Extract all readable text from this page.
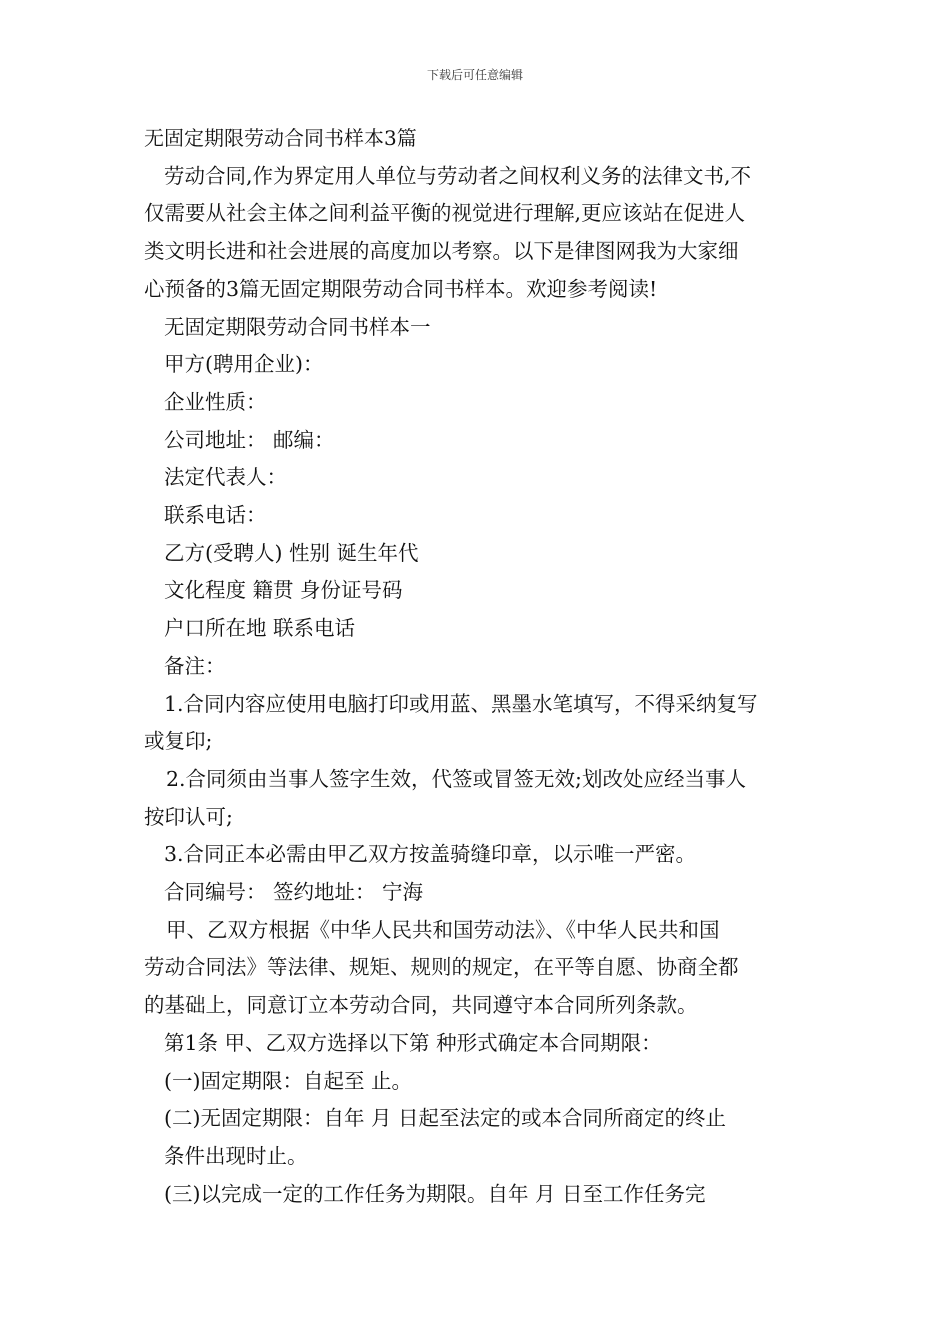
下载后可任意编辑
无固定期限劳动合同书样本3篇
劳动合同,作为界定用人单位与劳动者之间权利义务的法律文书,不
仅需要从社会主体之间利益平衡的视觉进行理解,更应该站在促进人
类文明长进和社会进展的高度加以考察。以下是律图网我为大家细
心预备的3篇无固定期限劳动合同书样本。欢迎参考阅读!
无固定期限劳动合同书样本一
甲方(聘用企业)：
企业性质：
公司地址： 邮编：
法定代表人：
联系电话：
乙方(受聘人) 性别 诞生年代
文化程度 籍贯 身份证号码
户口所在地 联系电话
备注：
1.合同内容应使用电脑打印或用蓝、黑墨水笔填写，不得采纳复写
或复印;
2.合同须由当事人签字生效，代签或冒签无效;划改处应经当事人
按印认可;
3.合同正本必需由甲乙双方按盖骑缝印章，以示唯一严密。
合同编号： 签约地址： 宁海
甲、乙双方根据《中华人民共和国劳动法》、《中华人民共和国
劳动合同法》等法律、规矩、规则的规定，在平等自愿、协商全都
的基础上，同意订立本劳动合同，共同遵守本合同所列条款。
第1条 甲、乙双方选择以下第 种形式确定本合同期限：
(一)固定期限：自起至 止。
(二)无固定期限：自年 月 日起至法定的或本合同所商定的终止
条件出现时止。
(三)以完成一定的工作任务为期限。自年 月 日至工作任务完
